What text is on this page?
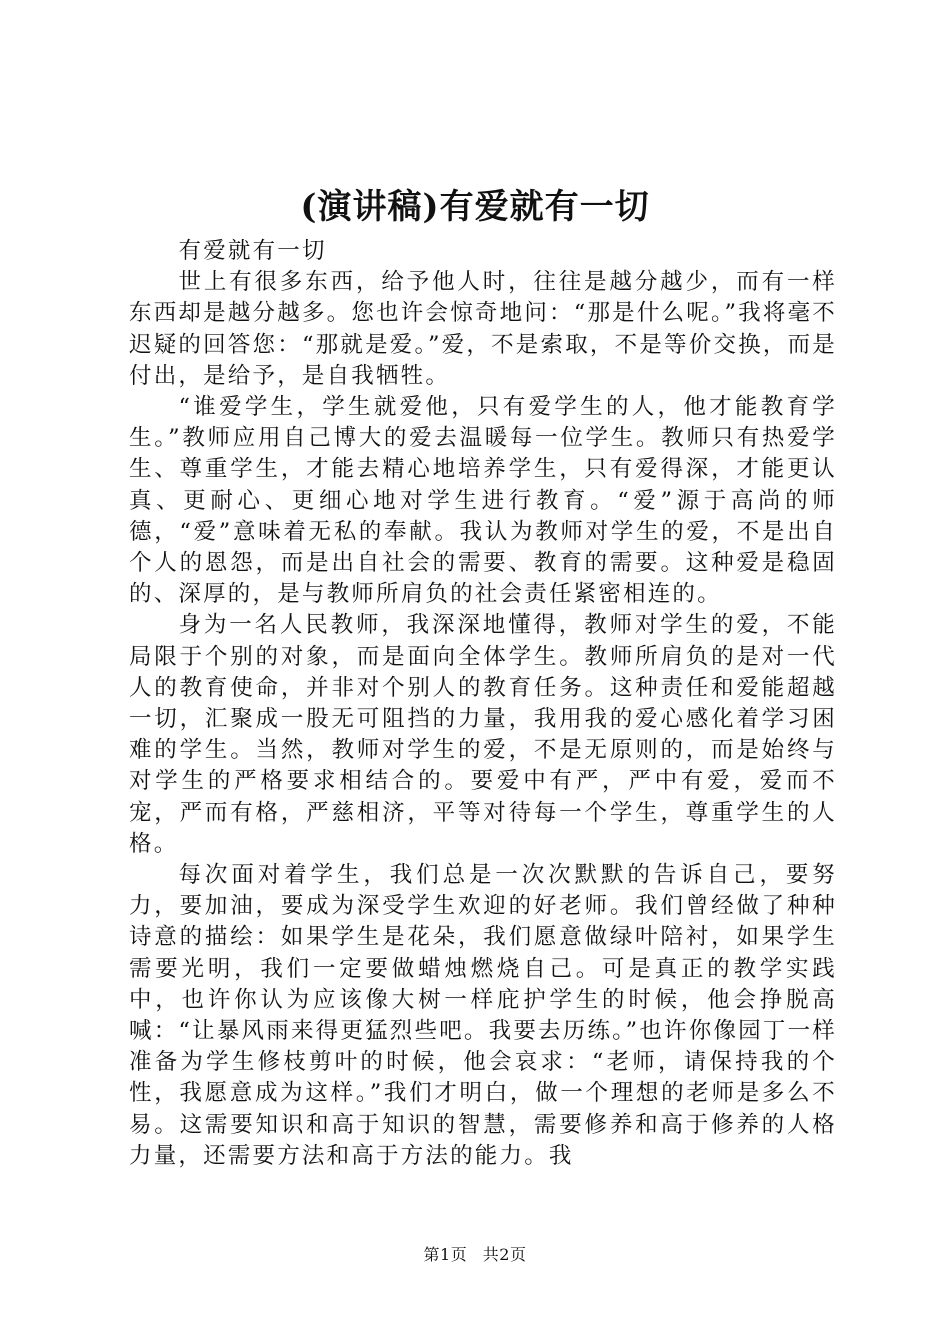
(演讲稿)有爱就有一切

有爱就有一切

世上有很多东西，给予他人时，往往是越分越少，而有一样东西却是越分越多。您也许会惊奇地问：“那是什么呢。”我将毫不迟疑的回答您：“那就是爱。”爱，不是索取，不是等价交换，而是付出，是给予，是自我牺牲。

“谁爱学生，学生就爱他，只有爱学生的人，他才能教育学生。”教师应用自己博大的爱去温暖每一位学生。教师只有热爱学生、尊重学生，才能去精心地培养学生，只有爱得深，才能更认真、更耐心、更细心地对学生进行教育。“爱”源于高尚的师德，“爱”意味着无私的奉献。我认为教师对学生的爱，不是出自个人的恩怨，而是出自社会的需要、教育的需要。这种爱是稳固的、深厚的，是与教师所肩负的社会责任紧密相连的。

身为一名人民教师，我深深地懂得，教师对学生的爱，不能局限于个别的对象，而是面向全体学生。教师所肩负的是对一代人的教育使命，并非对个别人的教育任务。这种责任和爱能超越一切，汇聚成一股无可阻挡的力量，我用我的爱心感化着学习困难的学生。当然，教师对学生的爱，不是无原则的，而是始终与对学生的严格要求相结合的。要爱中有严，严中有爱，爱而不宠，严而有格，严慈相济，平等对待每一个学生，尊重学生的人格。

每次面对着学生，我们总是一次次默默的告诉自己，要努力，要加油，要成为深受学生欢迎的好老师。我们曾经做了种种诗意的描绘：如果学生是花朵，我们愿意做绿叶陪衬，如果学生需要光明，我们一定要做蜡烛燃烧自己。可是真正的教学实践中，也许你认为应该像大树一样庇护学生的时候，他会挣脱高喊：“让暴风雨来得更猛烈些吧。我要去历练。”也许你像园丁一样准备为学生修枝剪叶的时候，他会哀求：“老师，请保持我的个性，我愿意成为这样。”我们才明白，做一个理想的老师是多么不易。这需要知识和高于知识的智慧，需要修养和高于修养的人格力量，还需要方法和高于方法的能力。我

第1页 共2页
